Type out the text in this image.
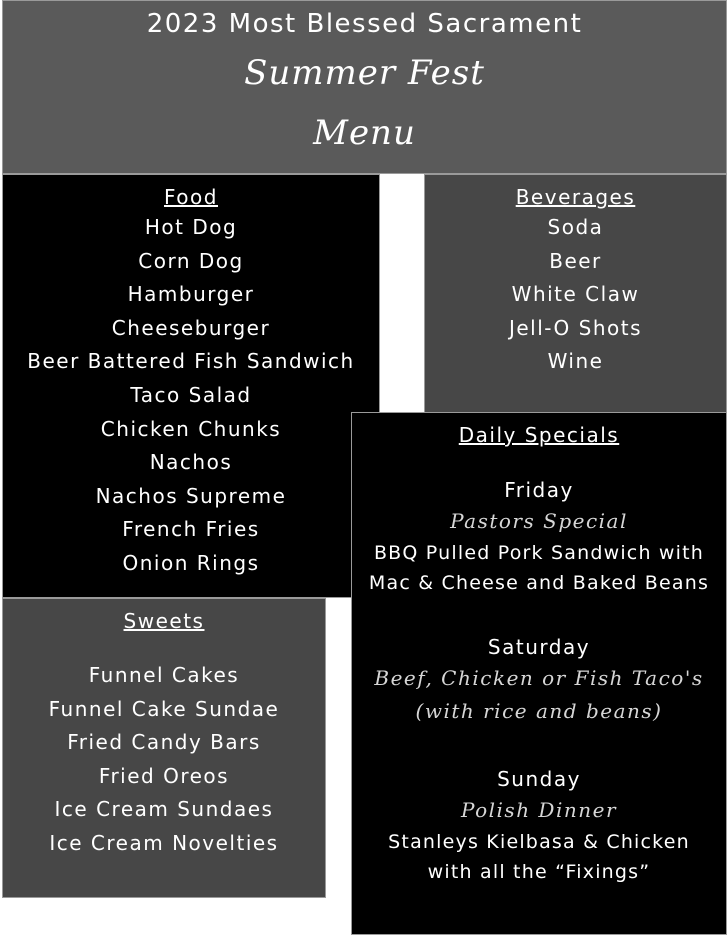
2023 Most Blessed Sacrament
Summer Fest
Menu
Food
Hot Dog
Corn Dog
Hamburger
Cheeseburger
Beer Battered Fish Sandwich
Taco Salad
Chicken Chunks
Nachos
Nachos Supreme
French Fries
Onion Rings
Beverages
Soda
Beer
White Claw
Jell-O Shots
Wine
Sweets
Funnel Cakes
Funnel Cake Sundae
Fried Candy Bars
Fried Oreos
Ice Cream Sundaes
Ice Cream Novelties
Daily Specials
Friday
Pastors Special
BBQ Pulled Pork Sandwich with
Mac & Cheese and Baked Beans
Saturday
Beef, Chicken or Fish Taco's
(with rice and beans)
Sunday
Polish Dinner
Stanleys Kielbasa & Chicken
with all the “Fixings”
